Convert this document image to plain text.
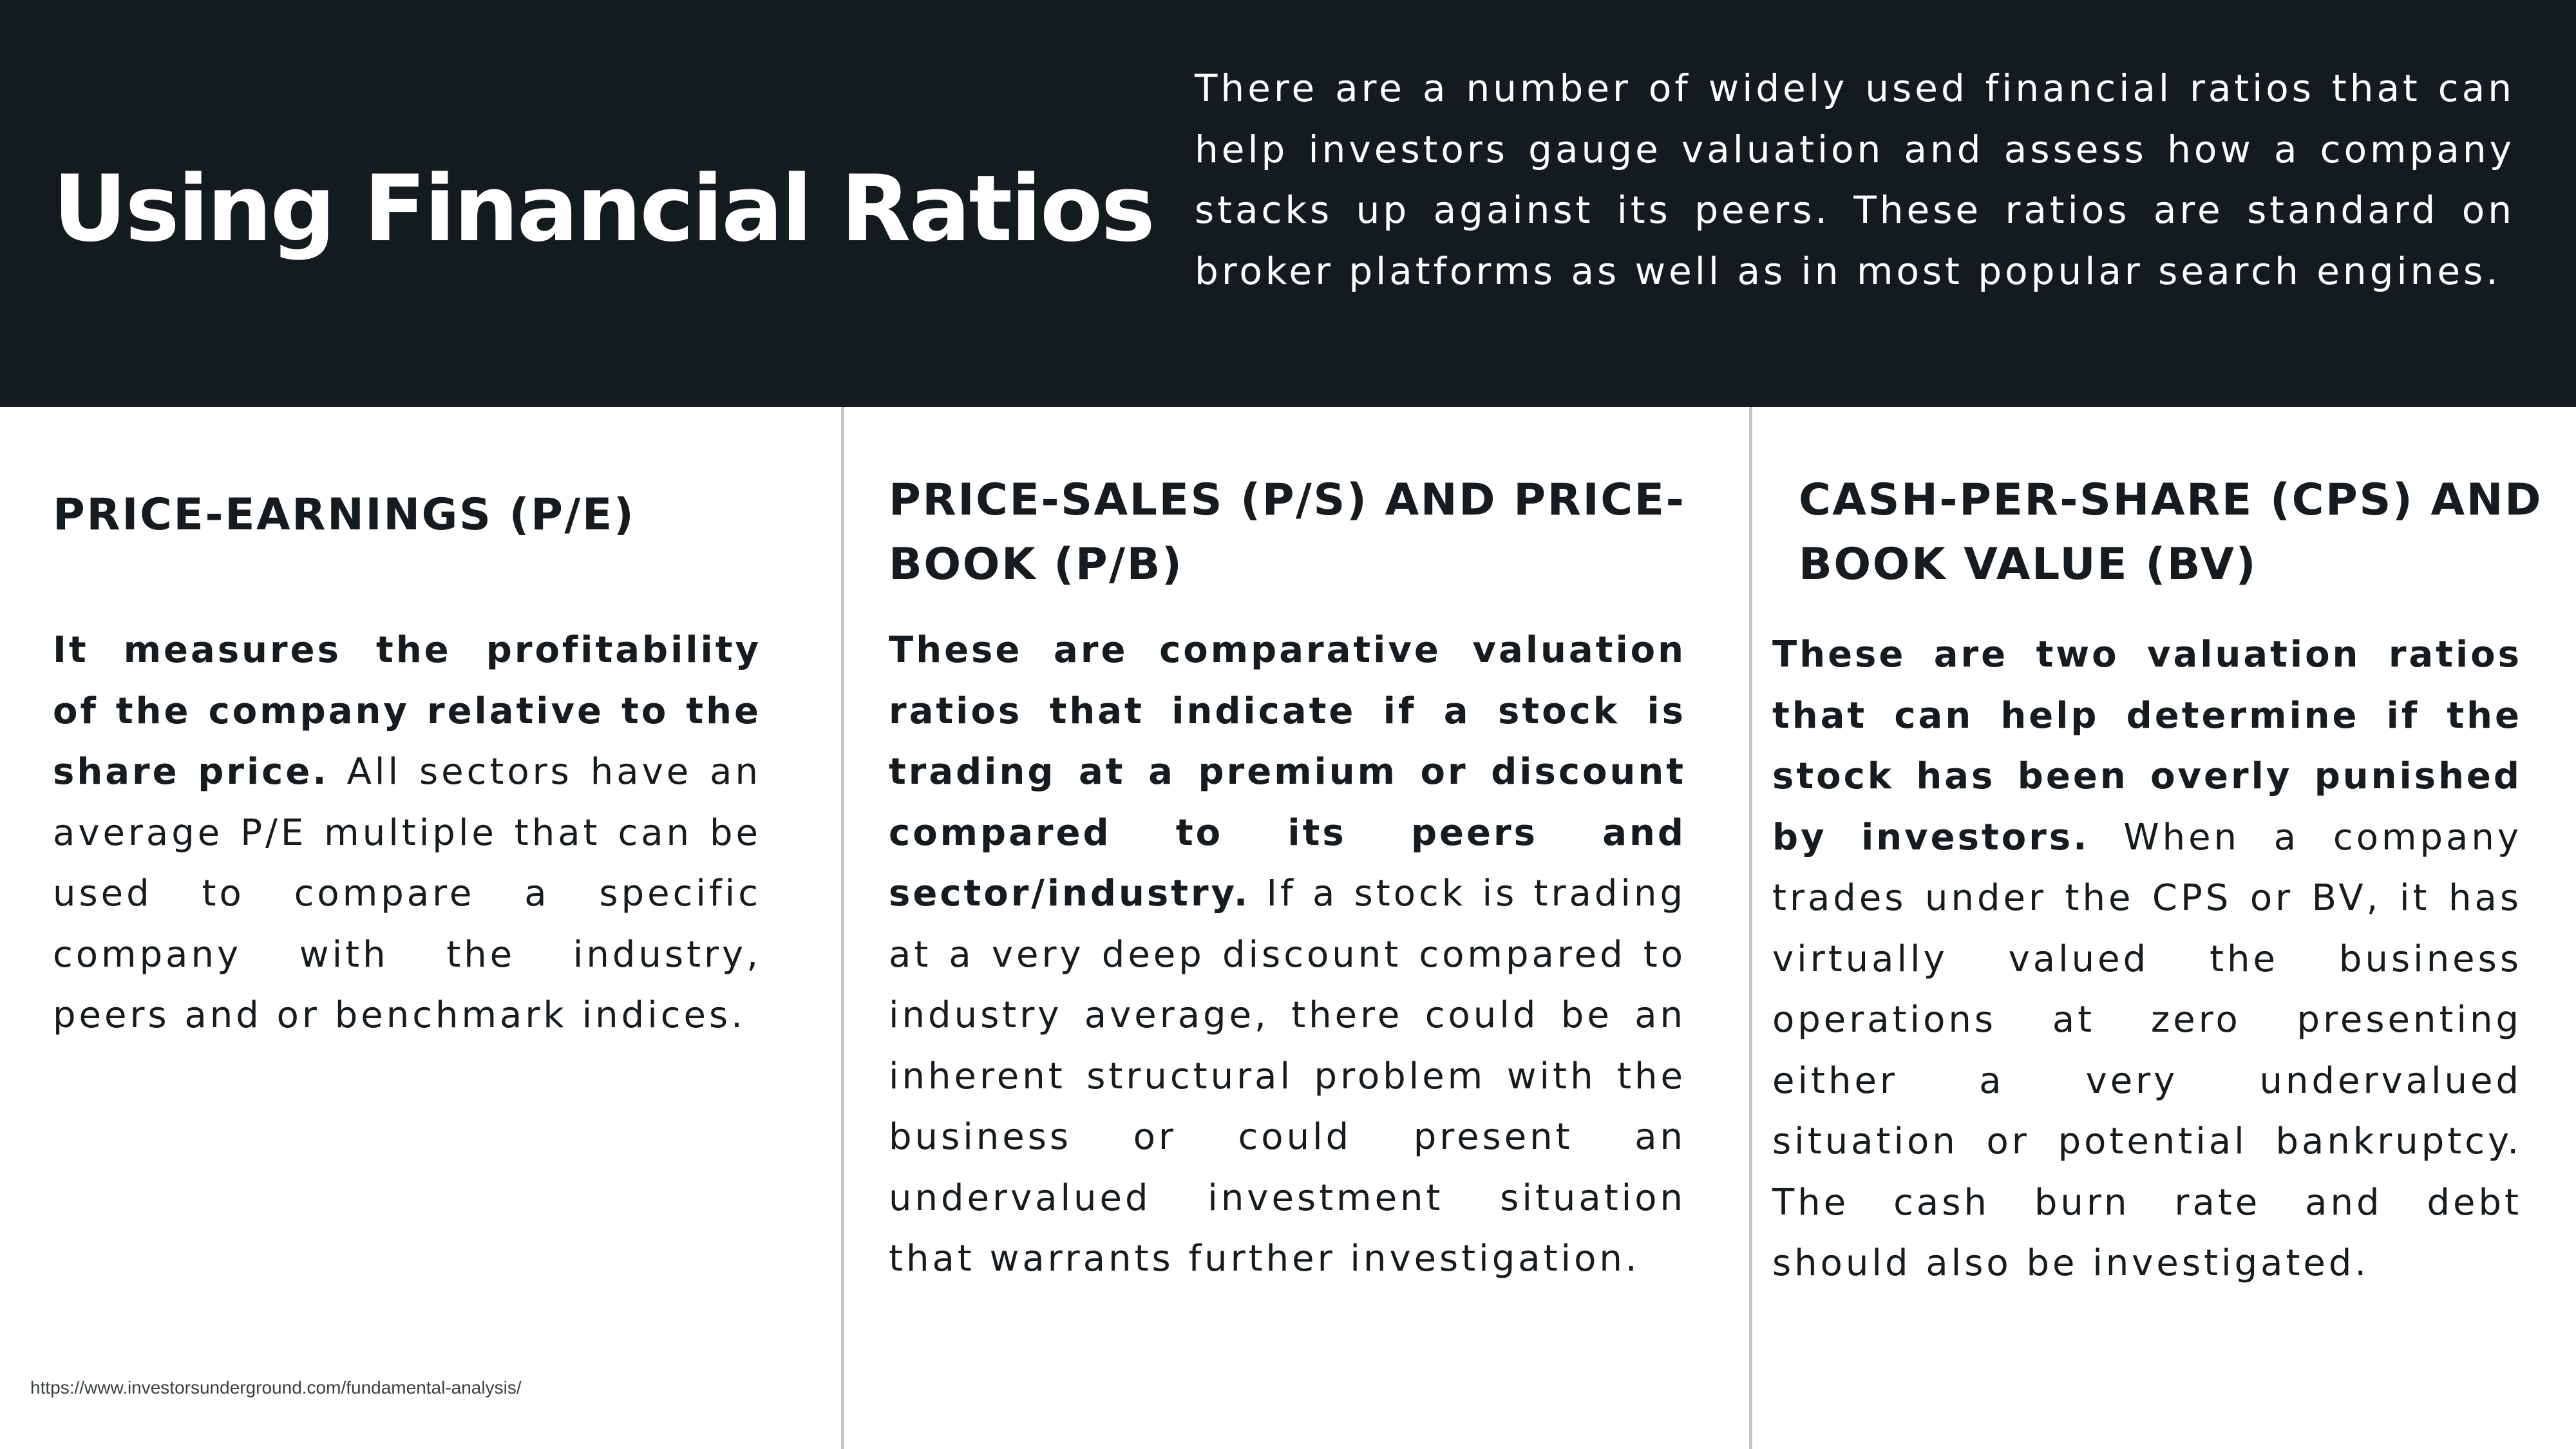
Using Financial Ratios

There are a number of widely used financial ratios that can help investors gauge valuation and assess how a company stacks up against its peers. These ratios are standard on broker platforms as well as in most popular search engines.

PRICE-EARNINGS (P/E)

It measures the profitability of the company relative to the share price. All sectors have an average P/E multiple that can be used to compare a specific company with the industry, peers and or benchmark indices.

PRICE-SALES (P/S) AND PRICE-BOOK (P/B)

These are comparative valuation ratios that indicate if a stock is trading at a premium or discount compared to its peers and sector/industry. If a stock is trading at a very deep discount compared to industry average, there could be an inherent structural problem with the business or could present an undervalued investment situation that warrants further investigation.

CASH-PER-SHARE (CPS) AND BOOK VALUE (BV)

These are two valuation ratios that can help determine if the stock has been overly punished by investors. When a company trades under the CPS or BV, it has virtually valued the business operations at zero presenting either a very undervalued situation or potential bankruptcy. The cash burn rate and debt should also be investigated.

https://www.investorsunderground.com/fundamental-analysis/
